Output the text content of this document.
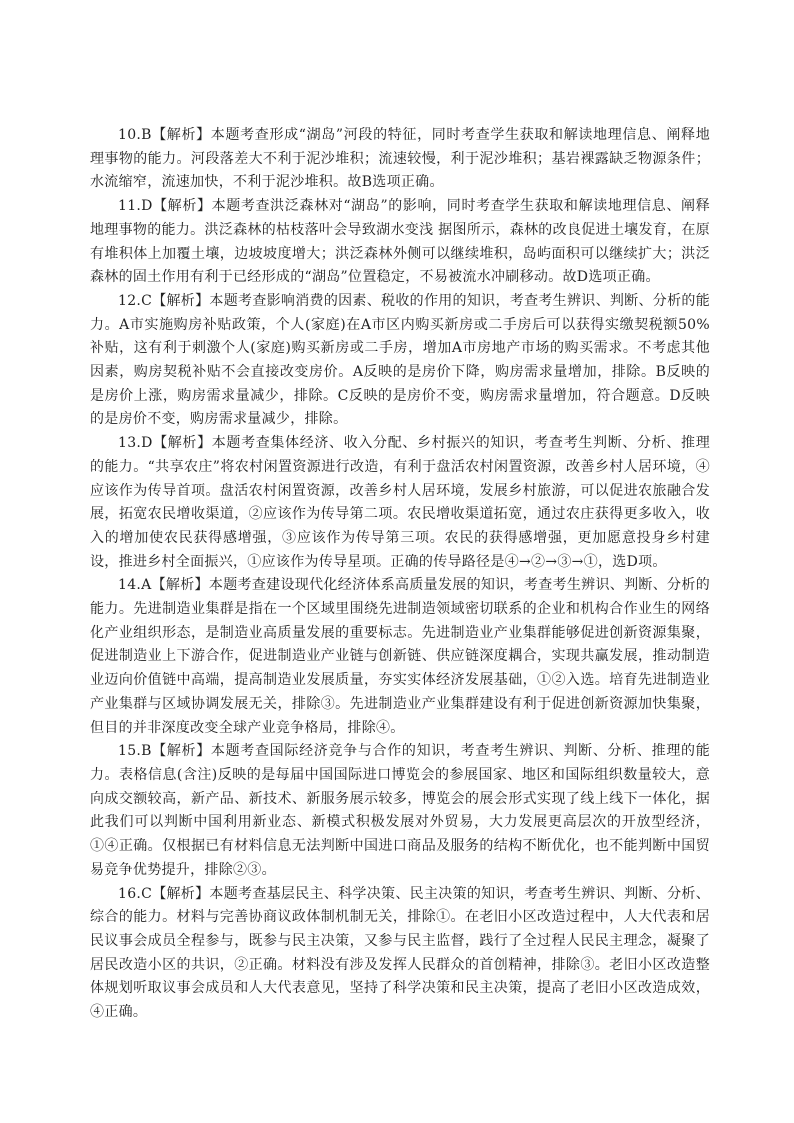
10.B【解析】本题考查形成“湖岛”河段的特征，同时考查学生获取和解读地理信息、阐释地理事物的能力。河段落差大不利于泥沙堆积；流速较慢，利于泥沙堆积；基岩裸露缺乏物源条件；水流缩窄，流速加快，不利于泥沙堆积。故B选项正确。

11.D【解析】本题考查洪泛森林对“湖岛”的影响，同时考查学生获取和解读地理信息、阐释地理事物的能力。洪泛森林的枯枝落叶会导致湖水变浅 据图所示，森林的改良促进土壤发育，在原有堆积体上加覆土壤，边坡坡度增大；洪泛森林外侧可以继续堆积，岛屿面积可以继续扩大；洪泛森林的固土作用有利于已经形成的“湖岛”位置稳定，不易被流水冲刷移动。故D选项正确。

12.C【解析】本题考查影响消费的因素、税收的作用的知识，考查考生辨识、判断、分析的能力。A市实施购房补贴政策，个人(家庭)在A市区内购买新房或二手房后可以获得实缴契税额50%补贴，这有利于刺激个人(家庭)购买新房或二手房，增加A市房地产市场的购买需求。不考虑其他因素，购房契税补贴不会直接改变房价。A反映的是房价下降，购房需求量增加，排除。B反映的是房价上涨，购房需求量减少，排除。C反映的是房价不变，购房需求量增加，符合题意。D反映的是房价不变，购房需求量减少，排除。

13.D【解析】本题考查集体经济、收入分配、乡村振兴的知识，考查考生判断、分析、推理的能力。“共享农庄”将农村闲置资源进行改造，有利于盘活农村闲置资源，改善乡村人居环境，④应该作为传导首项。盘活农村闲置资源，改善乡村人居环境，发展乡村旅游，可以促进农旅融合发展，拓宽农民增收渠道，②应该作为传导第二项。农民增收渠道拓宽，通过农庄获得更多收入，收入的增加使农民获得感增强，③应该作为传导第三项。农民的获得感增强，更加愿意投身乡村建设，推进乡村全面振兴，①应该作为传导星项。正确的传导路径是④→②→③→①，选D项。

14.A【解析】本题考查建设现代化经济体系高质量发展的知识，考查考生辨识、判断、分析的能力。先进制造业集群是指在一个区域里围绕先进制造领域密切联系的企业和机构合作业生的网络化产业组织形态，是制造业高质量发展的重要标志。先进制造业产业集群能够促进创新资源集聚，促进制造业上下游合作，促进制造业产业链与创新链、供应链深度耦合，实现共赢发展，推动制造业迈向价值链中高端，提高制造业发展质量，夯实实体经济发展基础，①②入选。培育先进制造业产业集群与区域协调发展无关，排除③。先进制造业产业集群建设有利于促进创新资源加快集聚，但目的并非深度改变全球产业竞争格局，排除④。

15.B【解析】本题考查国际经济竞争与合作的知识，考查考生辨识、判断、分析、推理的能力。表格信息(含注)反映的是每届中国国际进口博览会的参展国家、地区和国际组织数量较大，意向成交额较高，新产品、新技术、新服务展示较多，博览会的展会形式实现了线上线下一体化，据此我们可以判断中国利用新业态、新模式积极发展对外贸易，大力发展更高层次的开放型经济，①④正确。仅根据已有材料信息无法判断中国进口商品及服务的结构不断优化，也不能判断中国贸易竞争优势提升，排除②③。

16.C【解析】本题考查基层民主、科学决策、民主决策的知识，考查考生辨识、判断、分析、综合的能力。材料与完善协商议政体制机制无关，排除①。在老旧小区改造过程中，人大代表和居民议事会成员全程参与，既参与民主决策，又参与民主监督，践行了全过程人民民主理念，凝聚了居民改造小区的共识，②正确。材料没有涉及发挥人民群众的首创精神，排除③。老旧小区改造整体规划听取议事会成员和人大代表意见，坚持了科学决策和民主决策，提高了老旧小区改造成效，④正确。
